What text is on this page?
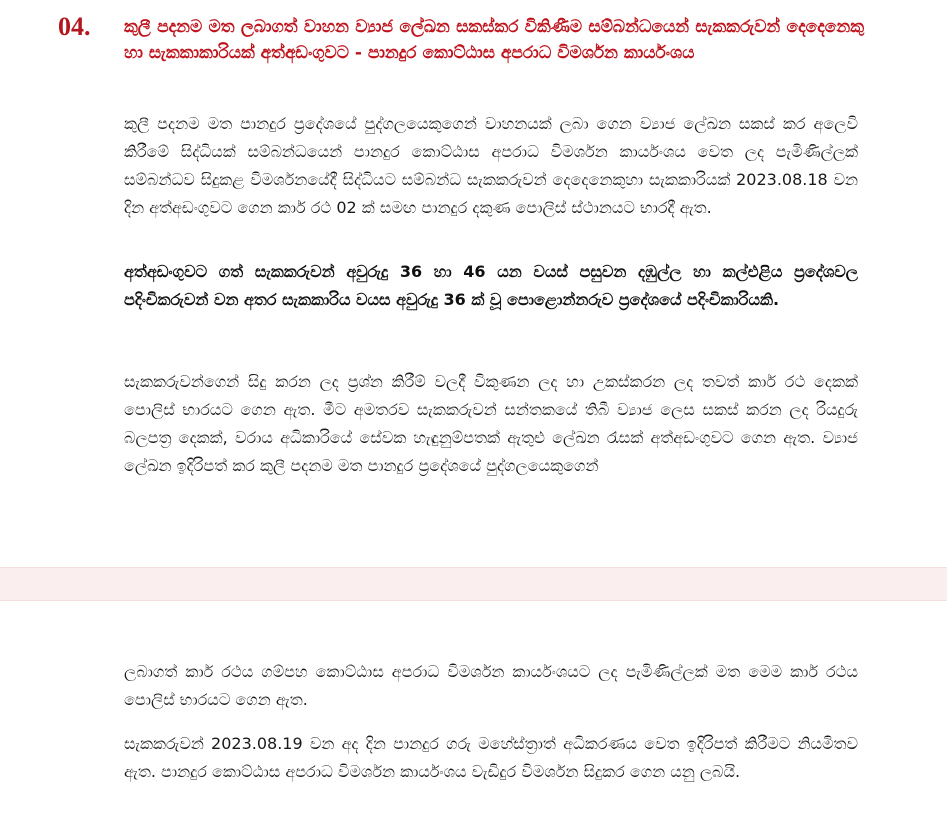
04. කුලී පදනම මත ලබාගත් වාහන ව්‍යාජ ලේඛන සකස්කර විකිණීම සම්බන්ධයෙන් සැකකරුවන් දෙදෙනෙකු හා සැකකාකාරියක් අත්අඩංගුවට - පානදුර කොට්ඨාස අපරාධ විමර්ශන කාර්යංශය
කුලී පදනම මත පානදුර ප්‍රදේශයේ පුද්ගලයෙකුගෙන් වාහනයක් ලබා ගෙන ව්‍යාජ ලේඛන සකස් කර අලෙවි කිරීමේ සිද්ධියක් සම්බන්ධයෙන් පානදුර කොට්ඨාස අපරාධ විමර්ශන කාර්යංශය වෙත ලද පැමිණිල්ලක් සම්බන්ධව සිදුකළ විමර්ශනයේදී සිද්ධියට සම්බන්ධ සැකකරුවන් දෙදෙනෙකුහා සැකකාරියක් 2023.08.18 වන දින අත්අඩංගුවට ගෙන කාර් රථ 02 ක් සමඟ පානදුර දකුණ පොලිස් ස්ථානයට භාරදී ඇත.
අත්අඩංගුවට ගත් සැකකරුවන් අවුරුදු 36 හා 46 යන වයස් පසුවන දඹුල්ල හා කල්එළිය ප්‍රදේශවල පදිංචිකරුවන් වන අතර සැකකාරිය වයස අවුරුදු 36 ක් වූ පොළොන්නරුව ප්‍රදේශයේ පදිංචිකාරියකි.
සැකකරුවන්ගෙන් සිදු කරන ලද ප්‍රශ්න කිරීම් වලදී විකුණන ලද හා උකස්කරන ලද තවත් කාර් රථ දෙකක් පොලිස් භාරයට ගෙන ඇත. මීට අමතරව සැකකරුවන් සන්තකයේ තිබී ව්‍යාජ ලෙස සකස් කරන ලද රියදුරු බලපත්‍ර දෙකක්, වරාය අධිකාරියේ සේවක හැඳුනුම්පතක් ඇතුළු ලේඛන රැසක් අත්අඩංගුවට ගෙන ඇත. ව්‍යාජ ලේඛන ඉදිරිපත් කර කුලී පදනම මත පානදුර ප්‍රදේශයේ පුද්ගලයෙකුගෙන්
ලබාගත් කාර් රථය ගම්පහ කොට්ඨාස අපරාධ විමර්ශන කාර්යංශයට ලද පැමිණිල්ලක් මත මෙම කාර් රථය පොලිස් භාරයට ගෙන ඇත.
සැකකරුවන් 2023.08.19 වන අද දින පානදුර ගරු මහේස්ත්‍රාත් අධිකරණය වෙත ඉදිරිපත් කිරීමට නියමිතව ඇත. පානදුර කොට්ඨාස අපරාධ විමර්ශන කාර්යංශය වැඩිදුර විමර්ශන සිදුකර ගෙන යනු ලබයි.
